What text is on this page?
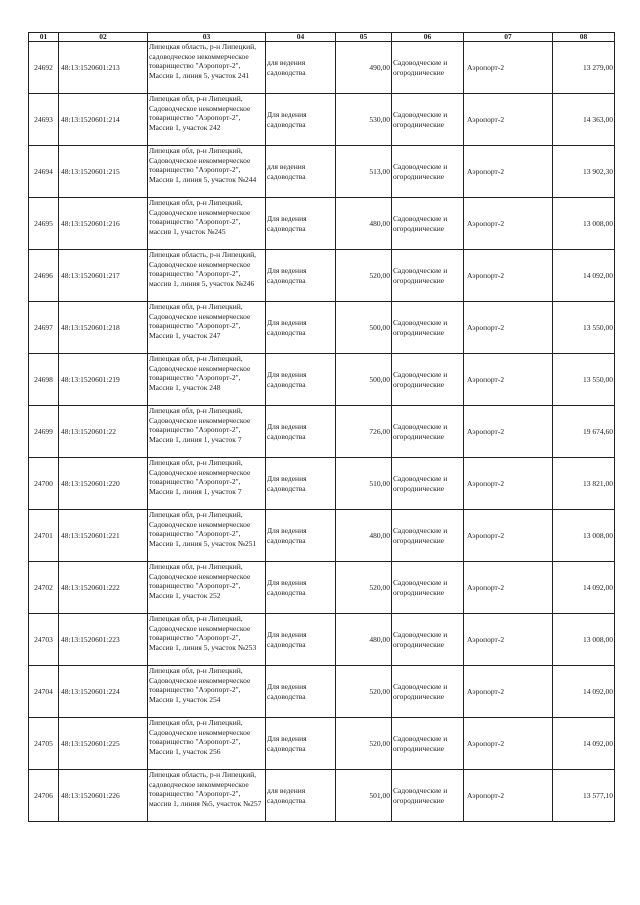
01	02	03	04	05	06	07	08
24692	48:13:1520601:213	Липецкая область, р-н Липецкий, садоводческое некоммерческое товарищество "Аэропорт-2", Массив 1, линия 5, участок 241	для ведения садоводства	490,00	Садоводческие и огороднические	Аэропорт-2	13 279,00
24693	48:13:1520601:214	Липецкая обл, р-н Липецкий, Садоводческое некоммерческое товарищество "Аэропорт-2", Массив 1, участок 242	Для ведения садоводства	530,00	Садоводческие и огороднические	Аэропорт-2	14 363,00
24694	48:13:1520601:215	Липецкая обл, р-н Липецкий, Садоводческое некоммерческое товарищество "Аэропорт-2", Массив 1, линия 5, участок №244	для ведения садоводства	513,00	Садоводческие и огороднические	Аэропорт-2	13 902,30
24695	48:13:1520601:216	Липецкая обл, р-н Липецкий, Садоводческое некоммерческое товарищество "Аэропорт-2", массив 1, участок №245	Для ведения садоводства	480,00	Садоводческие и огороднические	Аэропорт-2	13 008,00
24696	48:13:1520601:217	Липецкая область, р-н Липецкий, Садоводческое некоммерческое товарищество "Аэропорт-2", массив 1, линия 5, участок №246	Для ведения садоводства	520,00	Садоводческие и огороднические	Аэропорт-2	14 092,00
24697	48:13:1520601:218	Липецкая обл, р-н Липецкий, Садоводческое некоммерческое товарищество "Аэропорт-2", Массив 1, участок 247	Для ведения садоводства	500,00	Садоводческие и огороднические	Аэропорт-2	13 550,00
24698	48:13:1520601:219	Липецкая обл, р-н Липецкий, Садоводческое некоммерческое товарищество "Аэропорт-2", Массив 1, участок 248	Для ведения садоводства	500,00	Садоводческие и огороднические	Аэропорт-2	13 550,00
24699	48:13:1520601:22	Липецкая обл, р-н Липецкий, Садоводческое некоммерческое товарищество "Аэропорт-2", Массив 1, линия 1, участок 7	Для ведения садоводства	726,00	Садоводческие и огороднические	Аэропорт-2	19 674,60
24700	48:13:1520601:220	Липецкая обл, р-н Липецкий, Садоводческое некоммерческое товарищество "Аэропорт-2", Массив 1, линия 1, участок 7	Для ведения садоводства	510,00	Садоводческие и огороднические	Аэропорт-2	13 821,00
24701	48:13:1520601:221	Липецкая обл, р-н Липецкий, Садоводческое некоммерческое товарищество "Аэропорт-2", Массив 1, линия 5, участок №251	Для ведения садоводства	480,00	Садоводческие и огороднические	Аэропорт-2	13 008,00
24702	48:13:1520601:222	Липецкая обл, р-н Липецкий, Садоводческое некоммерческое товарищество "Аэропорт-2", Массив 1, участок 252	Для ведения садоводства	520,00	Садоводческие и огороднические	Аэропорт-2	14 092,00
24703	48:13:1520601:223	Липецкая обл, р-н Липецкий, Садоводческое некоммерческое товарищество "Аэропорт-2", Массив 1, линия 5, участок №253	Для ведения садоводства	480,00	Садоводческие и огороднические	Аэропорт-2	13 008,00
24704	48:13:1520601:224	Липецкая обл, р-н Липецкий, Садоводческое некоммерческое товарищество "Аэропорт-2", Массив 1, участок 254	Для ведения садоводства	520,00	Садоводческие и огороднические	Аэропорт-2	14 092,00
24705	48:13:1520601:225	Липецкая обл, р-н Липецкий, Садоводческое некоммерческое товарищество "Аэропорт-2", Массив 1, участок 256	Для ведения садоводства	520,00	Садоводческие и огороднические	Аэропорт-2	14 092,00
24706	48:13:1520601:226	Липецкая область, р-н Липецкий, садоводческое некоммерческое товарищество "Аэропорт-2", массив 1, линия №5, участок №257	для ведения садоводства	501,00	Садоводческие и огороднические	Аэропорт-2	13 577,10
